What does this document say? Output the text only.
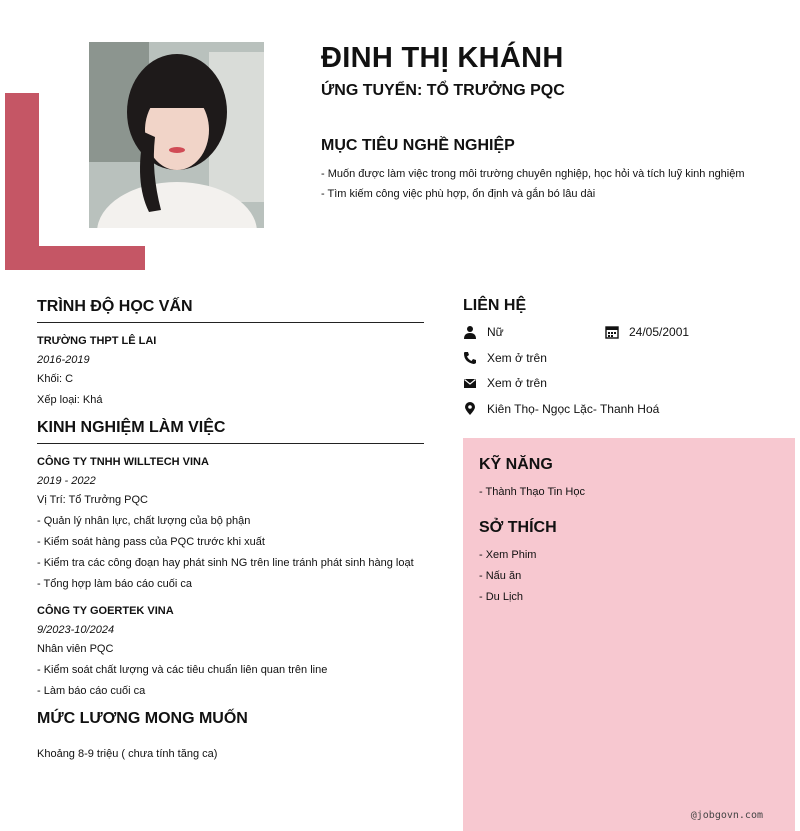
ĐINH THỊ KHÁNH
ỨNG TUYỂN: TỔ TRƯỞNG PQC
MỤC TIÊU NGHỀ NGHIỆP
- Muốn được làm việc trong môi trường chuyên nghiệp, học hỏi và tích luỹ kinh nghiệm
- Tìm kiếm công việc phù hợp, ổn định và gắn bó lâu dài
TRÌNH ĐỘ HỌC VẤN
TRƯỜNG THPT LÊ LAI
2016-2019
Khối: C
Xếp loại: Khá
KINH NGHIỆM LÀM VIỆC
CÔNG TY TNHH WILLTECH VINA
2019 - 2022
Vị Trí: Tổ Trưởng PQC
- Quản lý nhân lực, chất lượng của bộ phận
- Kiểm soát hàng pass của PQC trước khi xuất
- Kiểm tra các công đoạn hay phát sinh NG trên line tránh phát sinh hàng loạt
- Tổng hợp làm báo cáo cuối ca
CÔNG TY GOERTEK VINA
9/2023-10/2024
Nhân viên PQC
- Kiểm soát chất lượng và các tiêu chuẩn liên quan trên line
- Làm báo cáo cuối ca
MỨC LƯƠNG MONG MUỐN
Khoảng 8-9 triệu ( chưa tính tăng ca)
LIÊN HỆ
Nữ	24/05/2001
Xem ở trên
Xem ở trên
Kiên Thọ- Ngọc Lặc- Thanh Hoá
KỸ NĂNG
- Thành Thạo Tin Học
SỞ THÍCH
- Xem Phim
- Nấu ăn
- Du Lịch
@jobgovn.com
